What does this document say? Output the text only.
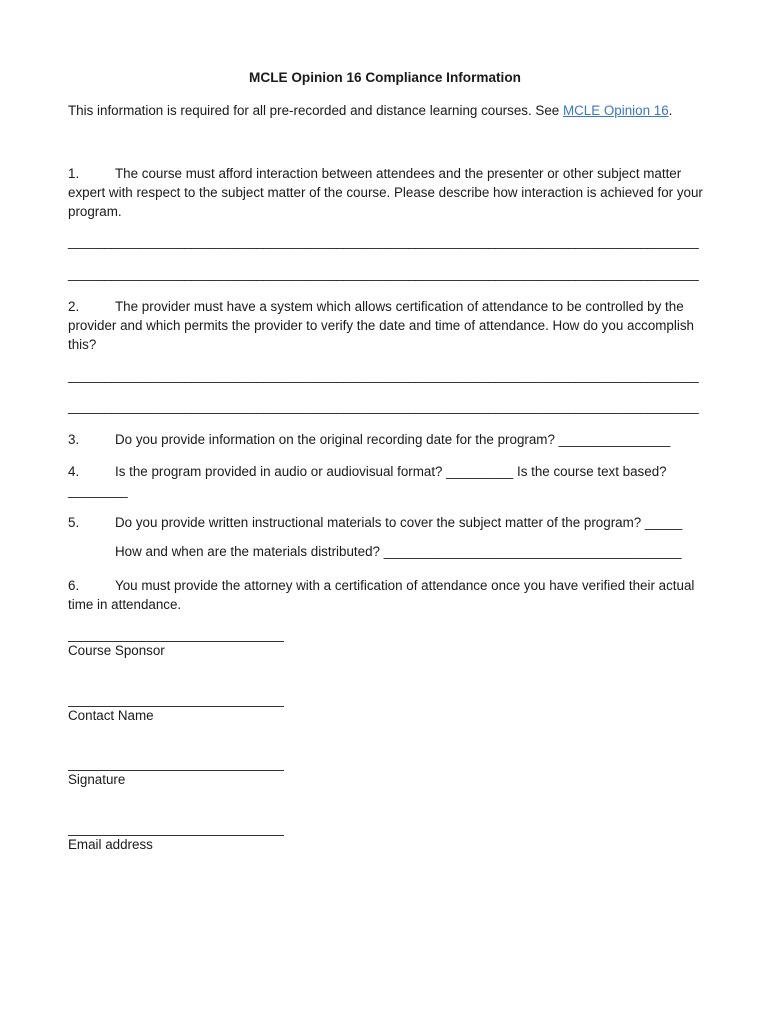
MCLE Opinion 16 Compliance Information
This information is required for all pre-recorded and distance learning courses. See MCLE Opinion 16.
1.	The course must afford interaction between attendees and the presenter or other subject matter expert with respect to the subject matter of the course. Please describe how interaction is achieved for your program.
_______________________________________________________________________________________
_______________________________________________________________________________________
2.	The provider must have a system which allows certification of attendance to be controlled by the provider and which permits the provider to verify the date and time of attendance. How do you accomplish this?
_______________________________________________________________________________________
_______________________________________________________________________________________
3.	Do you provide information on the original recording date for the program? _______________
4.	Is the program provided in audio or audiovisual format? _________ Is the course text based?________
5.	Do you provide written instructional materials to cover the subject matter of the program? _____
How and when are the materials distributed? ________________________________________
6.	You must provide the attorney with a certification of attendance once you have verified their actual time in attendance.
Course Sponsor
Contact Name
Signature
Email address
